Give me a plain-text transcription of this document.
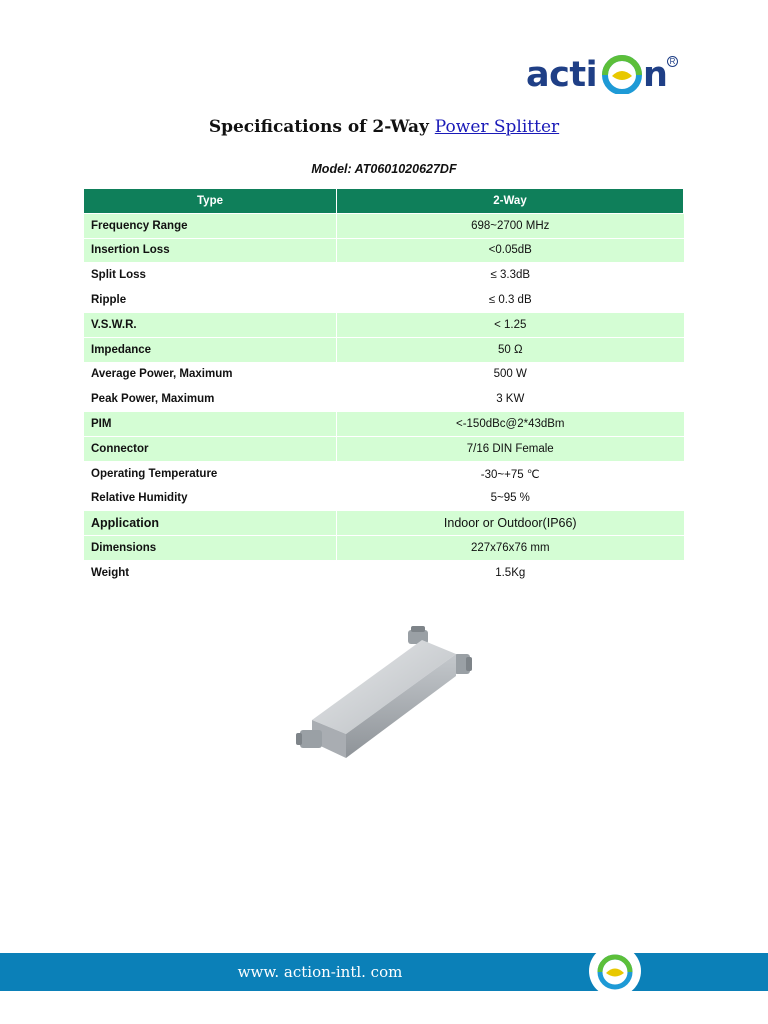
acti n R
Specifications of 2-Way Power Splitter
Model: AT0601020627DF
Type	2-Way
Frequency Range	698~2700 MHz
Insertion Loss	<0.05dB
Split Loss	≤ 3.3dB
Ripple	≤ 0.3 dB
V.S.W.R.	< 1.25
Impedance	50 Ω
Average Power, Maximum	500 W
Peak Power, Maximum	3 KW
PIM	<-150dBc@2*43dBm
Connector	7/16 DIN Female
Operating Temperature	-30~+75 ℃
Relative Humidity	5~95 %
Application	Indoor or Outdoor(IP66)
Dimensions	227x76x76 mm
Weight	1.5Kg
www. action-intl. com
